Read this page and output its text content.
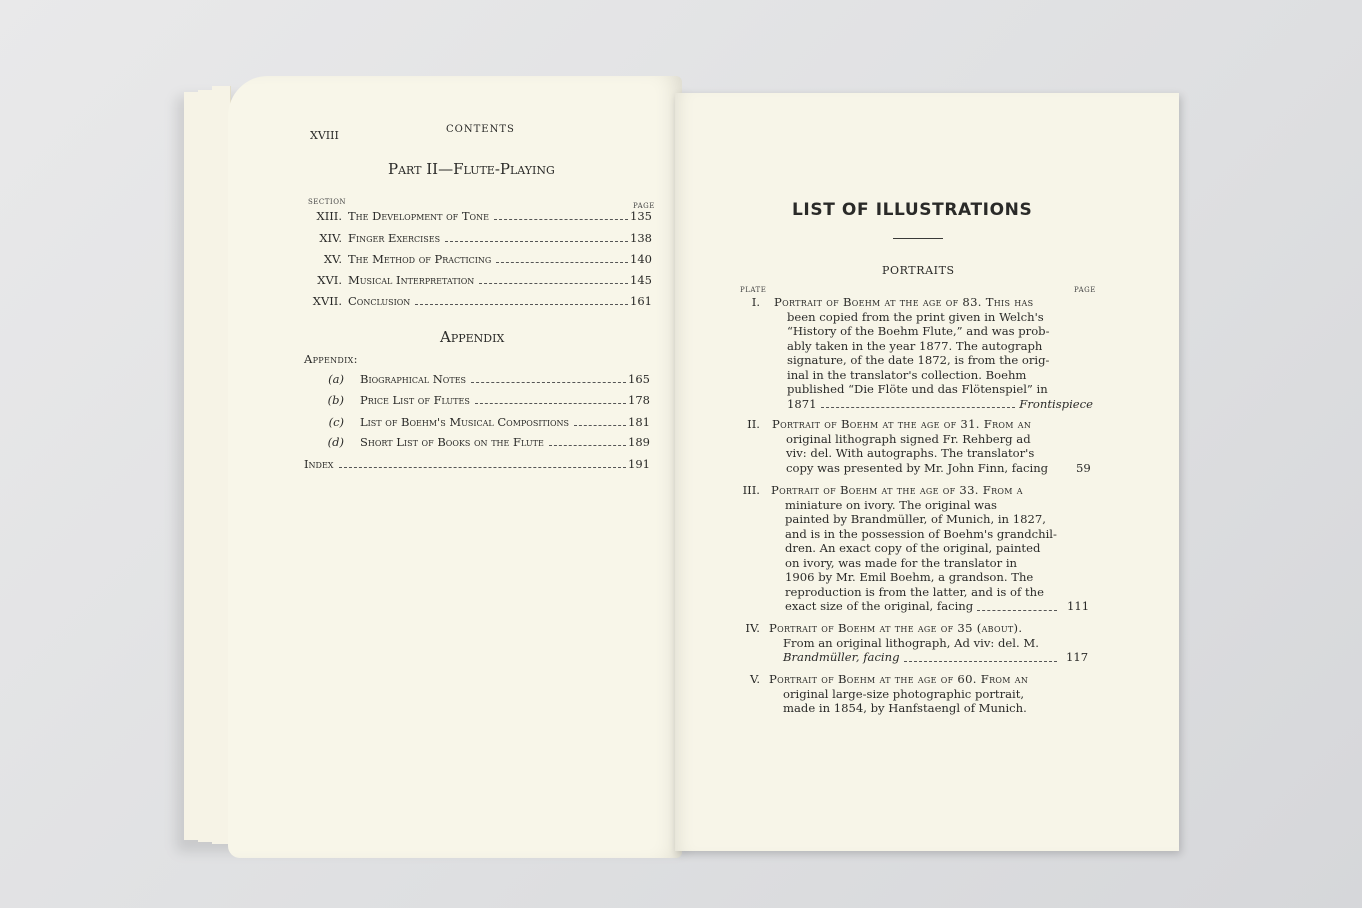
XVIII	CONTENTS
Part II—Flute-Playing
SECTION	PAGE
XIII. The Development of Tone	135
XIV. Finger Exercises	138
XV. The Method of Practicing	140
XVI. Musical Interpretation	145
XVII. Conclusion	161
Appendix
Appendix:
(a) Biographical Notes	165
(b) Price List of Flutes	178
(c) List of Boehm's Musical Compositions	181
(d) Short List of Books on the Flute	189
Index	191
LIST OF ILLUSTRATIONS
PORTRAITS
PLATE	PAGE
I. Portrait of Boehm at the age of 83. This has
been copied from the print given in Welch's
“History of the Boehm Flute,” and was prob-
ably taken in the year 1877. The autograph
signature, of the date 1872, is from the orig-
inal in the translator's collection. Boehm
published “Die Flöte und das Flötenspiel” in
1871	Frontispiece
II. Portrait of Boehm at the age of 31. From an
original lithograph signed Fr. Rehberg ad
viv: del. With autographs. The translator's
copy was presented by Mr. John Finn, facing	59
III. Portrait of Boehm at the age of 33. From a
miniature on ivory. The original was
painted by Brandmüller, of Munich, in 1827,
and is in the possession of Boehm's grandchil-
dren. An exact copy of the original, painted
on ivory, was made for the translator in
1906 by Mr. Emil Boehm, a grandson. The
reproduction is from the latter, and is of the
exact size of the original, facing	111
IV. Portrait of Boehm at the age of 35 (about).
From an original lithograph, Ad viv: del. M.
Brandmüller, facing	117
V. Portrait of Boehm at the age of 60. From an
original large-size photographic portrait,
made in 1854, by Hanfstaengl of Munich.
